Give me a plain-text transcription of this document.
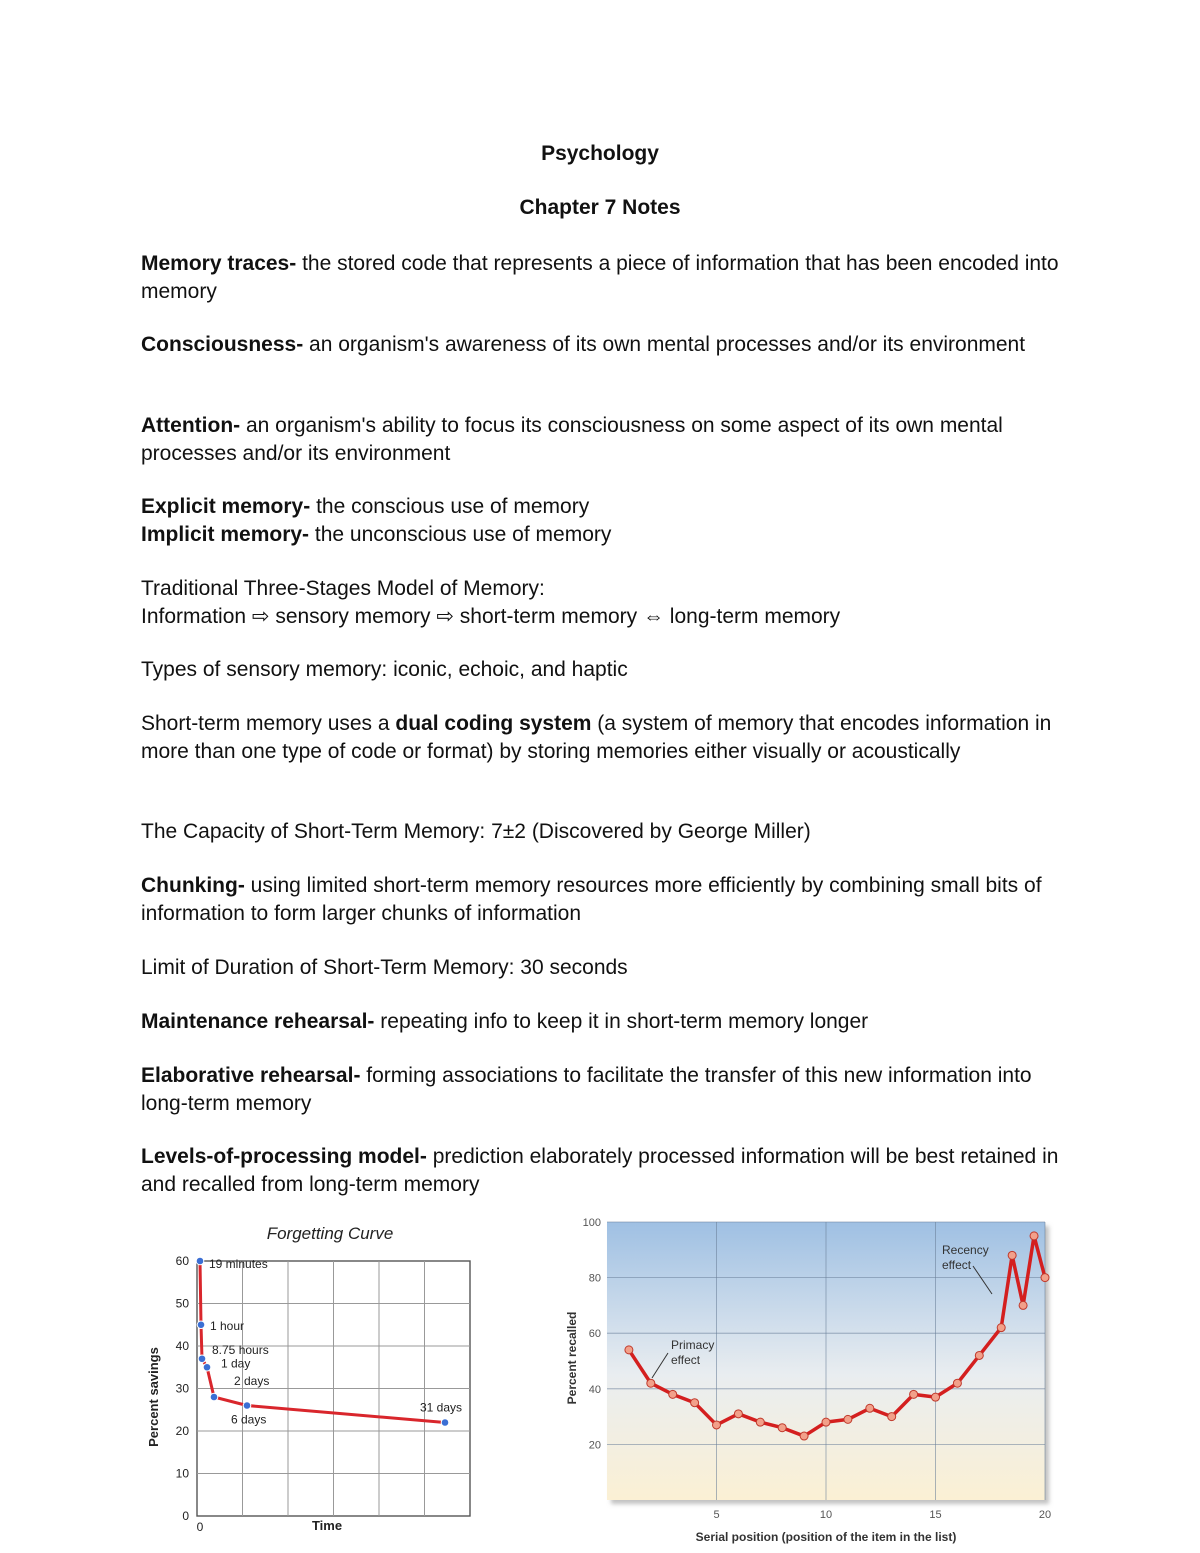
Psychology
Chapter 7 Notes

Memory traces- the stored code that represents a piece of information that has been encoded into memory

Consciousness- an organism's awareness of its own mental processes and/or its environment

Attention- an organism's ability to focus its consciousness on some aspect of its own mental processes and/or its environment

Explicit memory- the conscious use of memory

Implicit memory- the unconscious use of memory

Traditional Three-Stages Model of Memory:

Information ⇨ sensory memory ⇨ short-term memory ⇔ long-term memory

Types of sensory memory: iconic, echoic, and haptic

Short-term memory uses a dual coding system (a system of memory that encodes information in more than one type of code or format) by storing memories either visually or acoustically

The Capacity of Short-Term Memory: 7±2 (Discovered by George Miller)

Chunking- using limited short-term memory resources more efficiently by combining small bits of information to form larger chunks of information

Limit of Duration of Short-Term Memory: 30 seconds

Maintenance rehearsal- repeating info to keep it in short-term memory longer

Elaborative rehearsal- forming associations to facilitate the transfer of this new information into long-term memory

Levels-of-processing model- prediction elaborately processed information will be best retained in and recalled from long-term memory

Forgetting Curve
0
10
20
30
40
50
60
0	Time
Percent savings
19 minutes
1 hour
8.75 hours
1 day
2 days
6 days
31 days
20
40
60
80
100
5	10	15	20
Percent recalled
Serial position (position of the item in the list)
Primacy
effect
Recency
effect
